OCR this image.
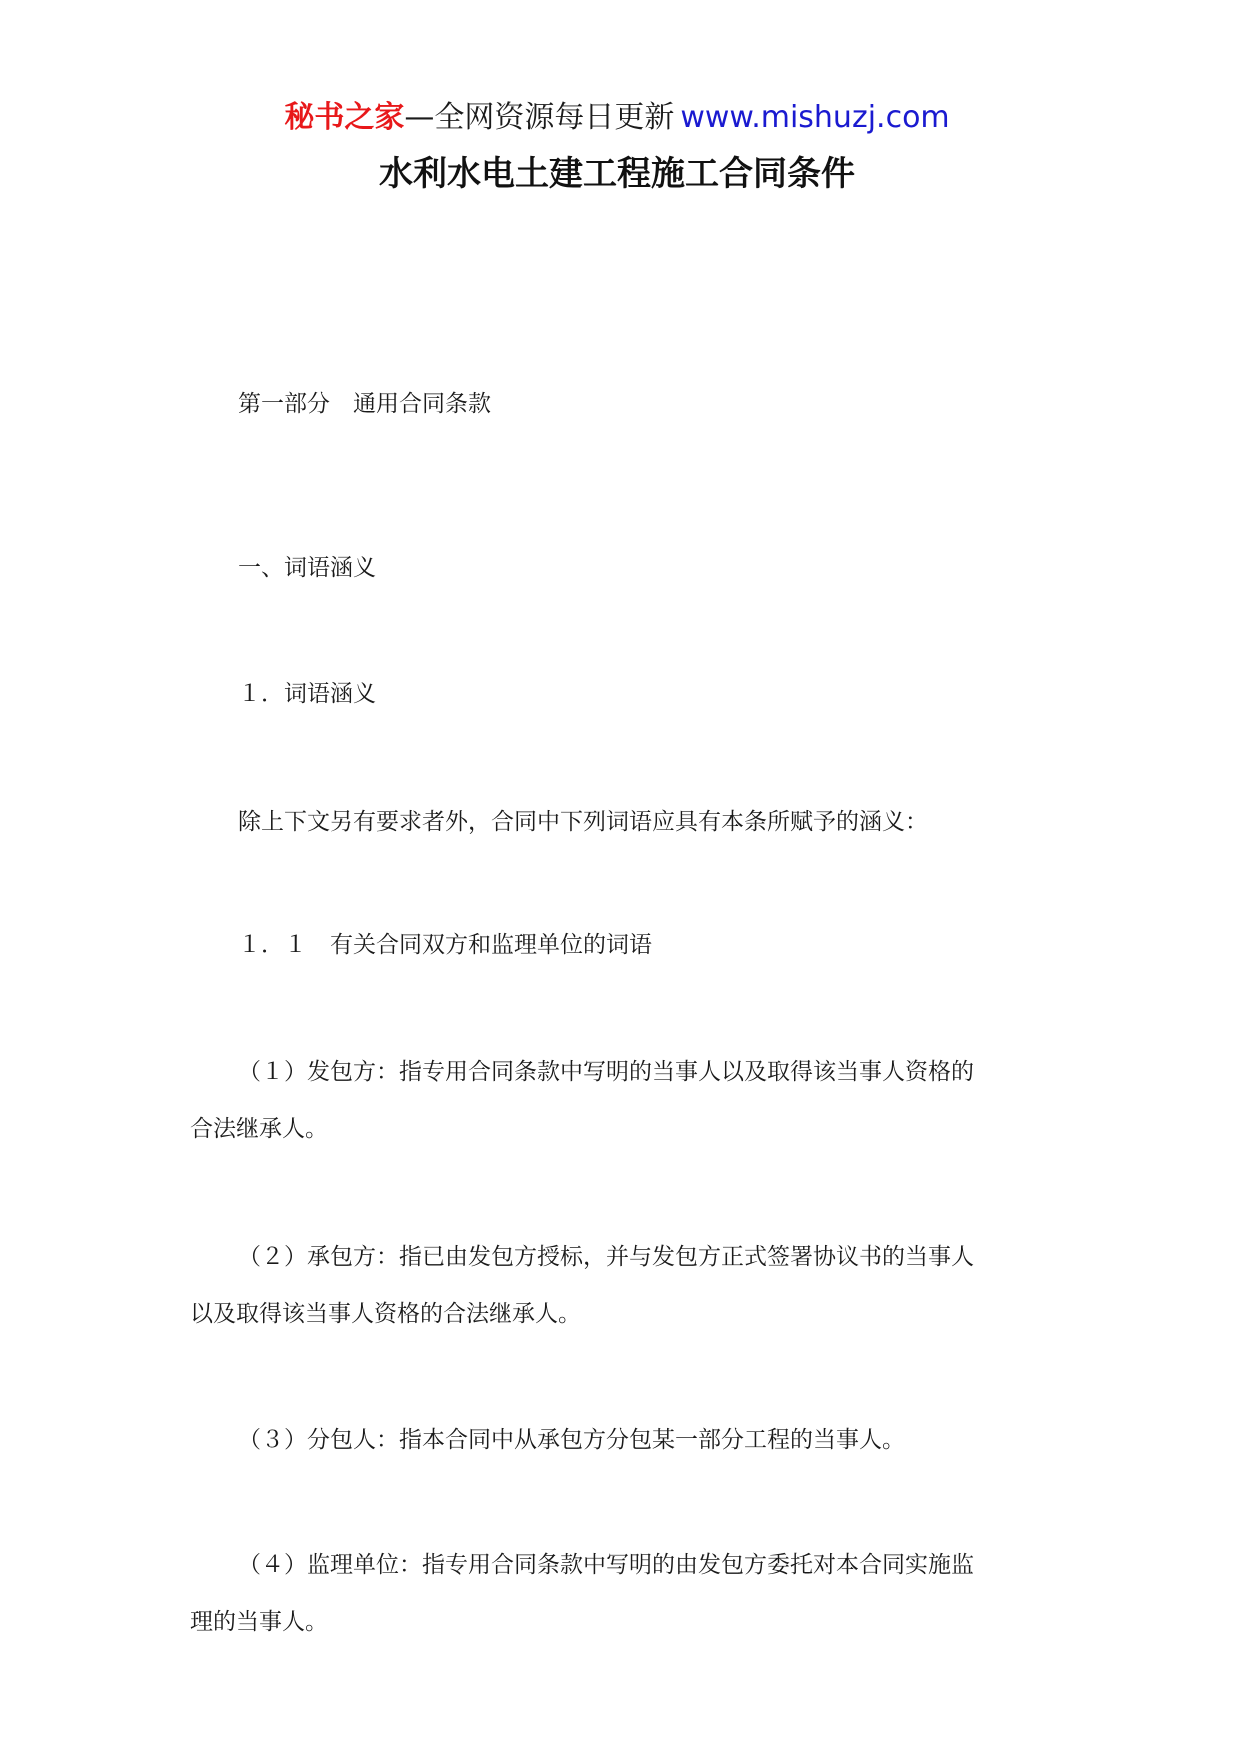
秘书之家—全网资源每日更新 www.mishuzj.com
水利水电土建工程施工合同条件
第一部分　通用合同条款
一、词语涵义
１．词语涵义
除上下文另有要求者外，合同中下列词语应具有本条所赋予的涵义：
１．１　有关合同双方和监理单位的词语
（１）发包方：指专用合同条款中写明的当事人以及取得该当事人资格的
合法继承人。
（２）承包方：指已由发包方授标，并与发包方正式签署协议书的当事人
以及取得该当事人资格的合法继承人。
（３）分包人：指本合同中从承包方分包某一部分工程的当事人。
（４）监理单位：指专用合同条款中写明的由发包方委托对本合同实施监
理的当事人。
